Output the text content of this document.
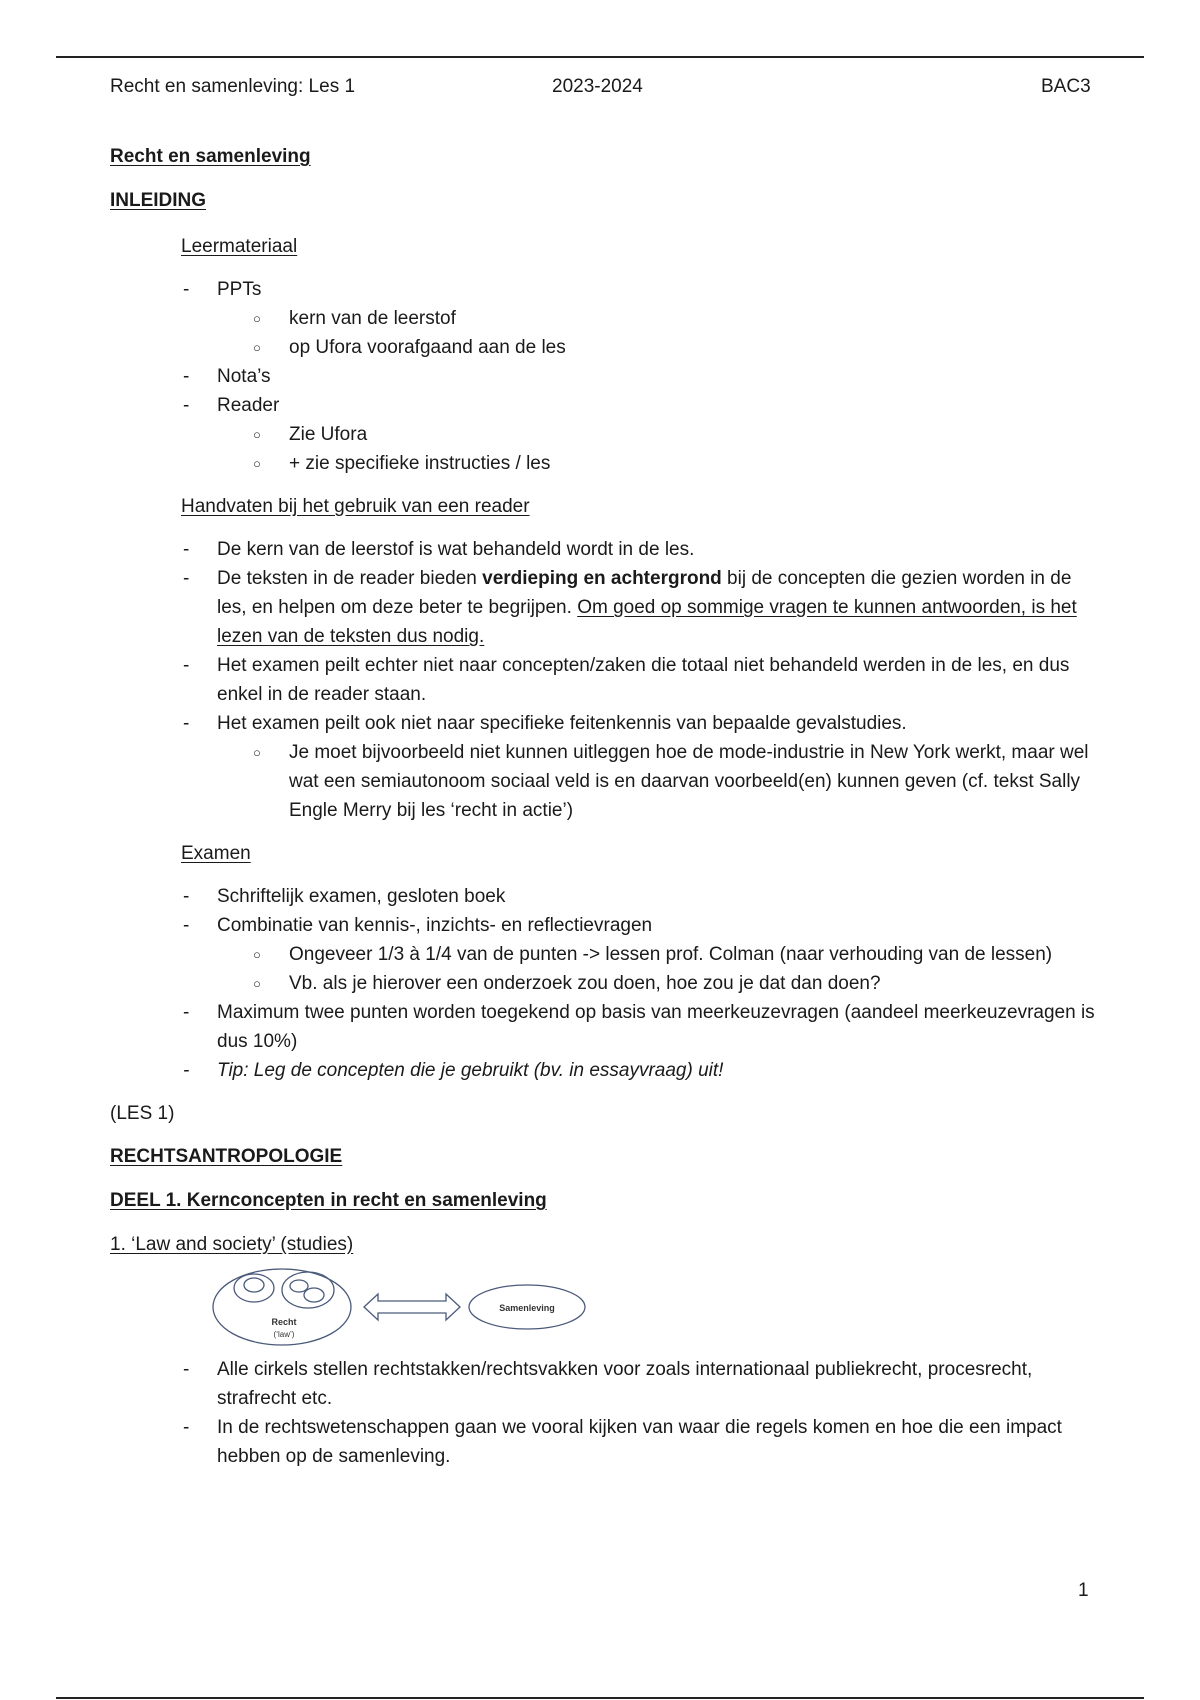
Recht en samenleving: Les 1	2023-2024	BAC3
Recht en samenleving
INLEIDING
Leermateriaal
- PPTs
○ kern van de leerstof
○ op Ufora voorafgaand aan de les
- Nota’s
- Reader
○ Zie Ufora
○ + zie specifieke instructies / les
Handvaten bij het gebruik van een reader
- De kern van de leerstof is wat behandeld wordt in de les.
- De teksten in de reader bieden verdieping en achtergrond bij de concepten die gezien worden in de les, en helpen om deze beter te begrijpen. Om goed op sommige vragen te kunnen antwoorden, is het lezen van de teksten dus nodig.
- Het examen peilt echter niet naar concepten/zaken die totaal niet behandeld werden in de les, en dus enkel in de reader staan.
- Het examen peilt ook niet naar specifieke feitenkennis van bepaalde gevalstudies.
○ Je moet bijvoorbeeld niet kunnen uitleggen hoe de mode-industrie in New York werkt, maar wel wat een semiautonoom sociaal veld is en daarvan voorbeeld(en) kunnen geven (cf. tekst Sally Engle Merry bij les ‘recht in actie’)
Examen
- Schriftelijk examen, gesloten boek
- Combinatie van kennis-, inzichts- en reflectievragen
○ Ongeveer 1/3 à 1/4 van de punten -> lessen prof. Colman (naar verhouding van de lessen)
○ Vb. als je hierover een onderzoek zou doen, hoe zou je dat dan doen?
- Maximum twee punten worden toegekend op basis van meerkeuzevragen (aandeel meerkeuzevragen is dus 10%)
- Tip: Leg de concepten die je gebruikt (bv. in essayvraag) uit!
(LES 1)
RECHTSANTROPOLOGIE
DEEL 1. Kernconcepten in recht en samenleving
1. ‘Law and society’ (studies)
Recht
(‘law’)
Samenleving
- Alle cirkels stellen rechtstakken/rechtsvakken voor zoals internationaal publiekrecht, procesrecht, strafrecht etc.
- In de rechtswetenschappen gaan we vooral kijken van waar die regels komen en hoe die een impact hebben op de samenleving.
1
